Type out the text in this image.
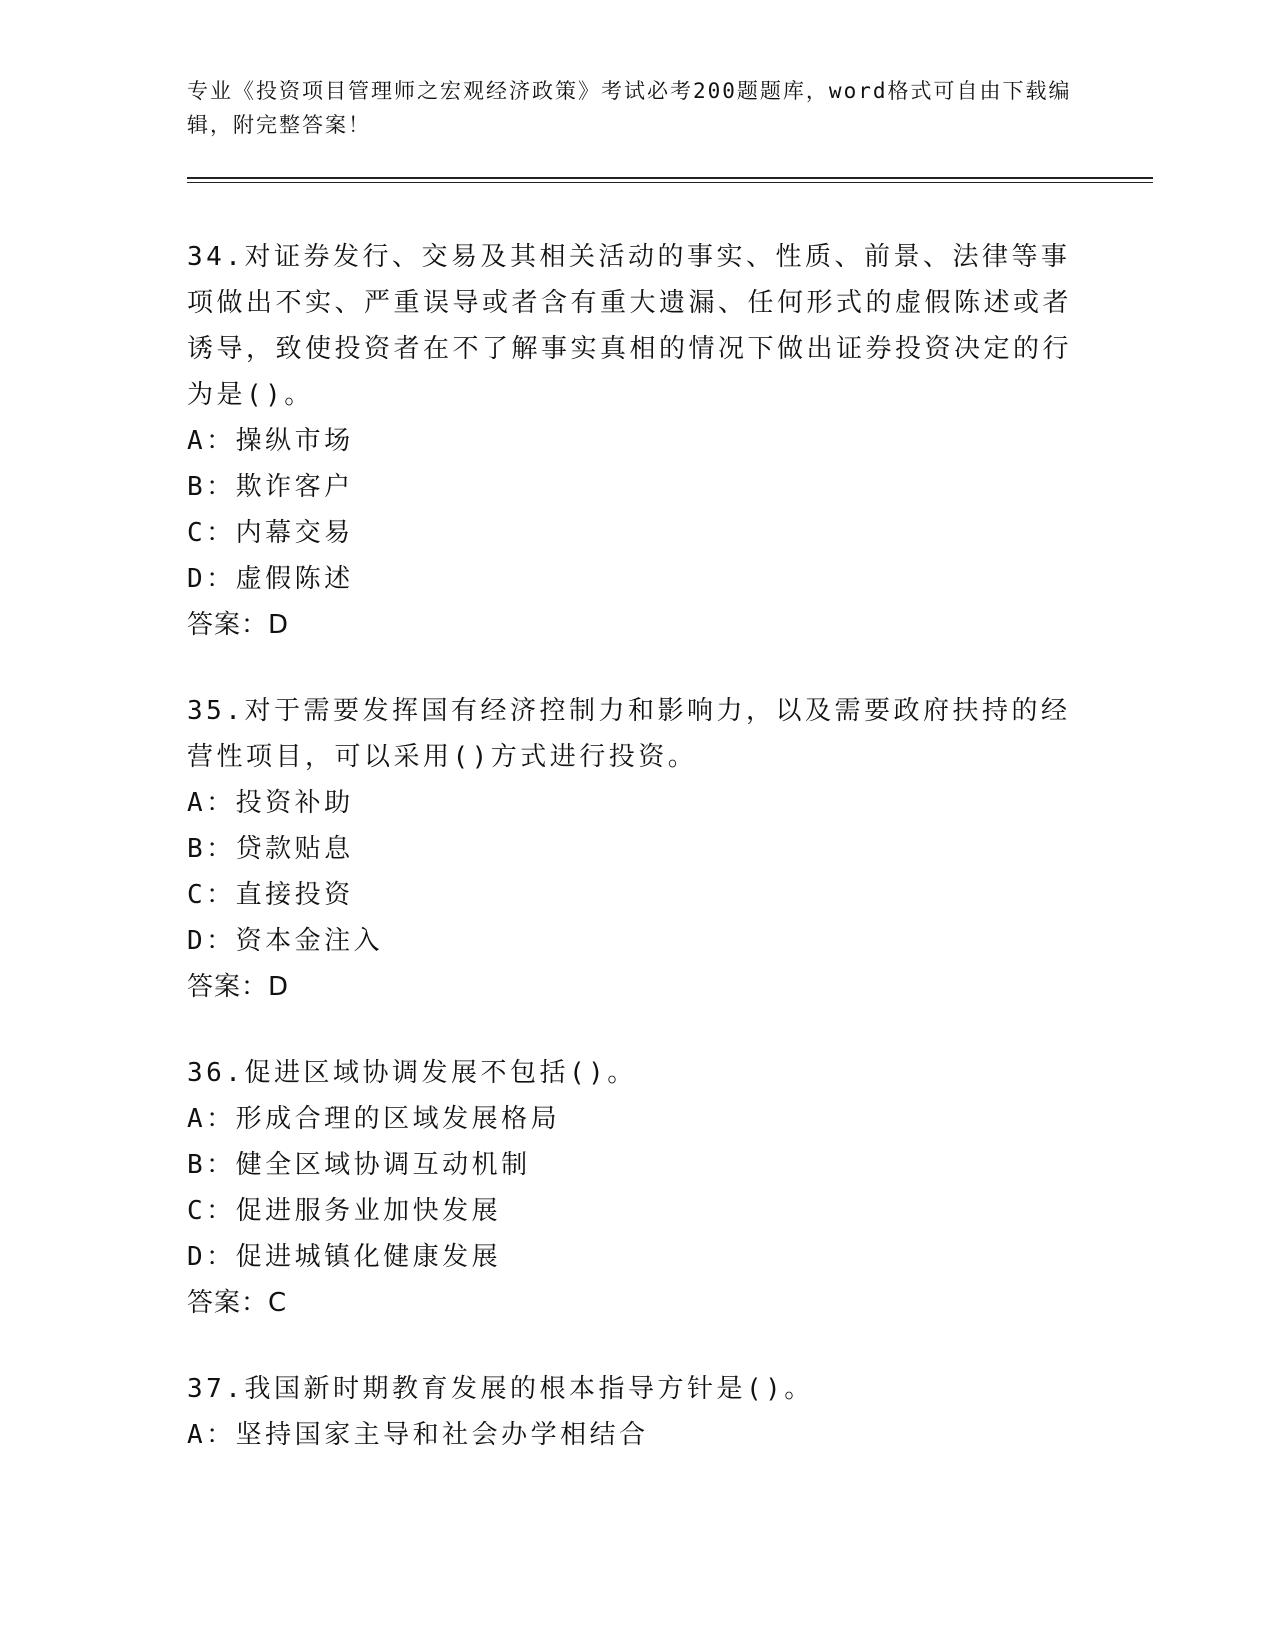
专业《投资项目管理师之宏观经济政策》考试必考200题题库，word格式可自由下载编辑，附完整答案！
34.对证券发行、交易及其相关活动的事实、性质、前景、法律等事项做出不实、严重误导或者含有重大遗漏、任何形式的虚假陈述或者诱导，致使投资者在不了解事实真相的情况下做出证券投资决定的行为是()。
A：操纵市场
B：欺诈客户
C：内幕交易
D：虚假陈述
答案：D
35.对于需要发挥国有经济控制力和影响力，以及需要政府扶持的经营性项目，可以采用()方式进行投资。
A：投资补助
B：贷款贴息
C：直接投资
D：资本金注入
答案：D
36.促进区域协调发展不包括()。
A：形成合理的区域发展格局
B：健全区域协调互动机制
C：促进服务业加快发展
D：促进城镇化健康发展
答案：C
37.我国新时期教育发展的根本指导方针是()。
A：坚持国家主导和社会办学相结合
